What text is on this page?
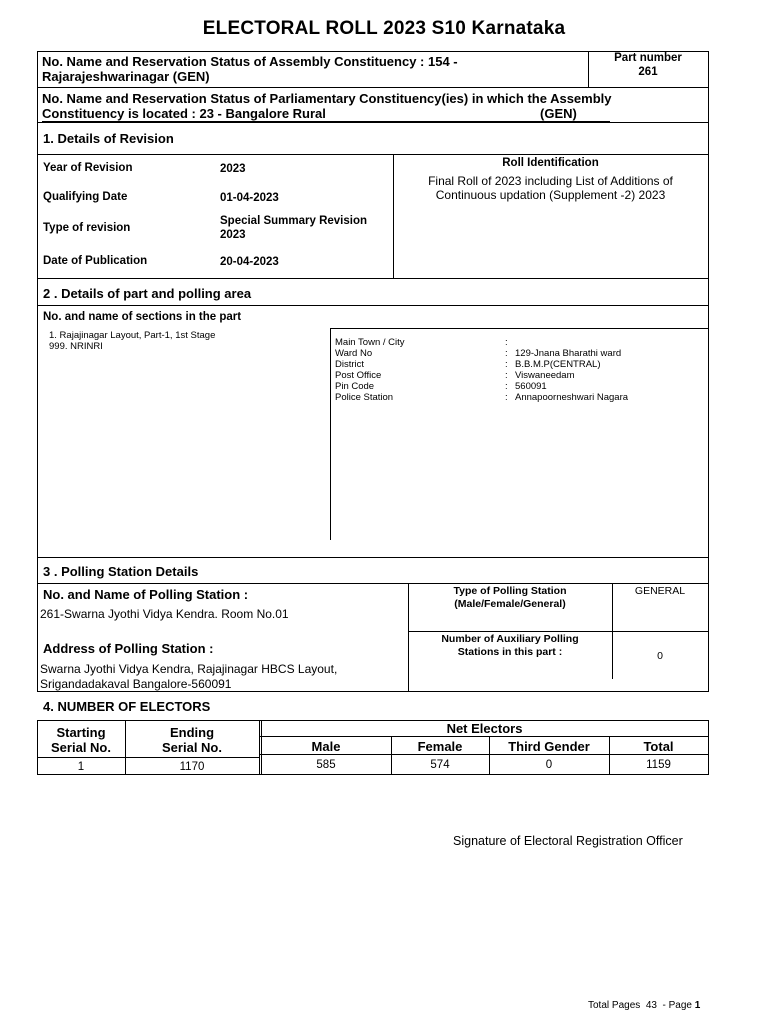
ELECTORAL ROLL 2023 S10 Karnataka
No. Name and Reservation Status of Assembly Constituency : 154 -
Rajarajeshwarinagar (GEN)
Part number
261
No. Name and Reservation Status of Parliamentary Constituency(ies) in which the Assembly
Constituency is located : 23 - Bangalore Rural	(GEN)
1. Details of Revision
Year of Revision	2023
Qualifying Date	01-04-2023
Type of revision
Special Summary Revision
2023
Date of Publication	20-04-2023
Roll Identification
Final Roll of 2023 including List of Additions of
Continuous updation (Supplement -2) 2023
2 . Details of part and polling area
No. and name of sections in the part
1. Rajajinagar Layout, Part-1, 1st Stage
999. NRINRI	Main Town / City	:
Ward No	: 129-Jnana Bharathi ward
District	: B.B.M.P(CENTRAL)
Post Office	: Viswaneedam
Pin Code	: 560091
Police Station	: Annapoorneshwari Nagara
3 . Polling Station Details
No. and Name of Polling Station :
261-Swarna Jyothi Vidya Kendra. Room No.01
Address of Polling Station :
Swarna Jyothi Vidya Kendra, Rajajinagar HBCS Layout,
Srigandadakaval Bangalore-560091
Type of Polling Station
(Male/Female/General)
GENERAL
Number of Auxiliary Polling
Stations in this part :	0
4. NUMBER OF ELECTORS
Starting
Serial No.
Ending
Serial No.
Net Electors
Male	Female	Third Gender	Total
1	1170	585	574	0	1159
Signature of Electoral Registration Officer
Total Pages  43  - Page 1
